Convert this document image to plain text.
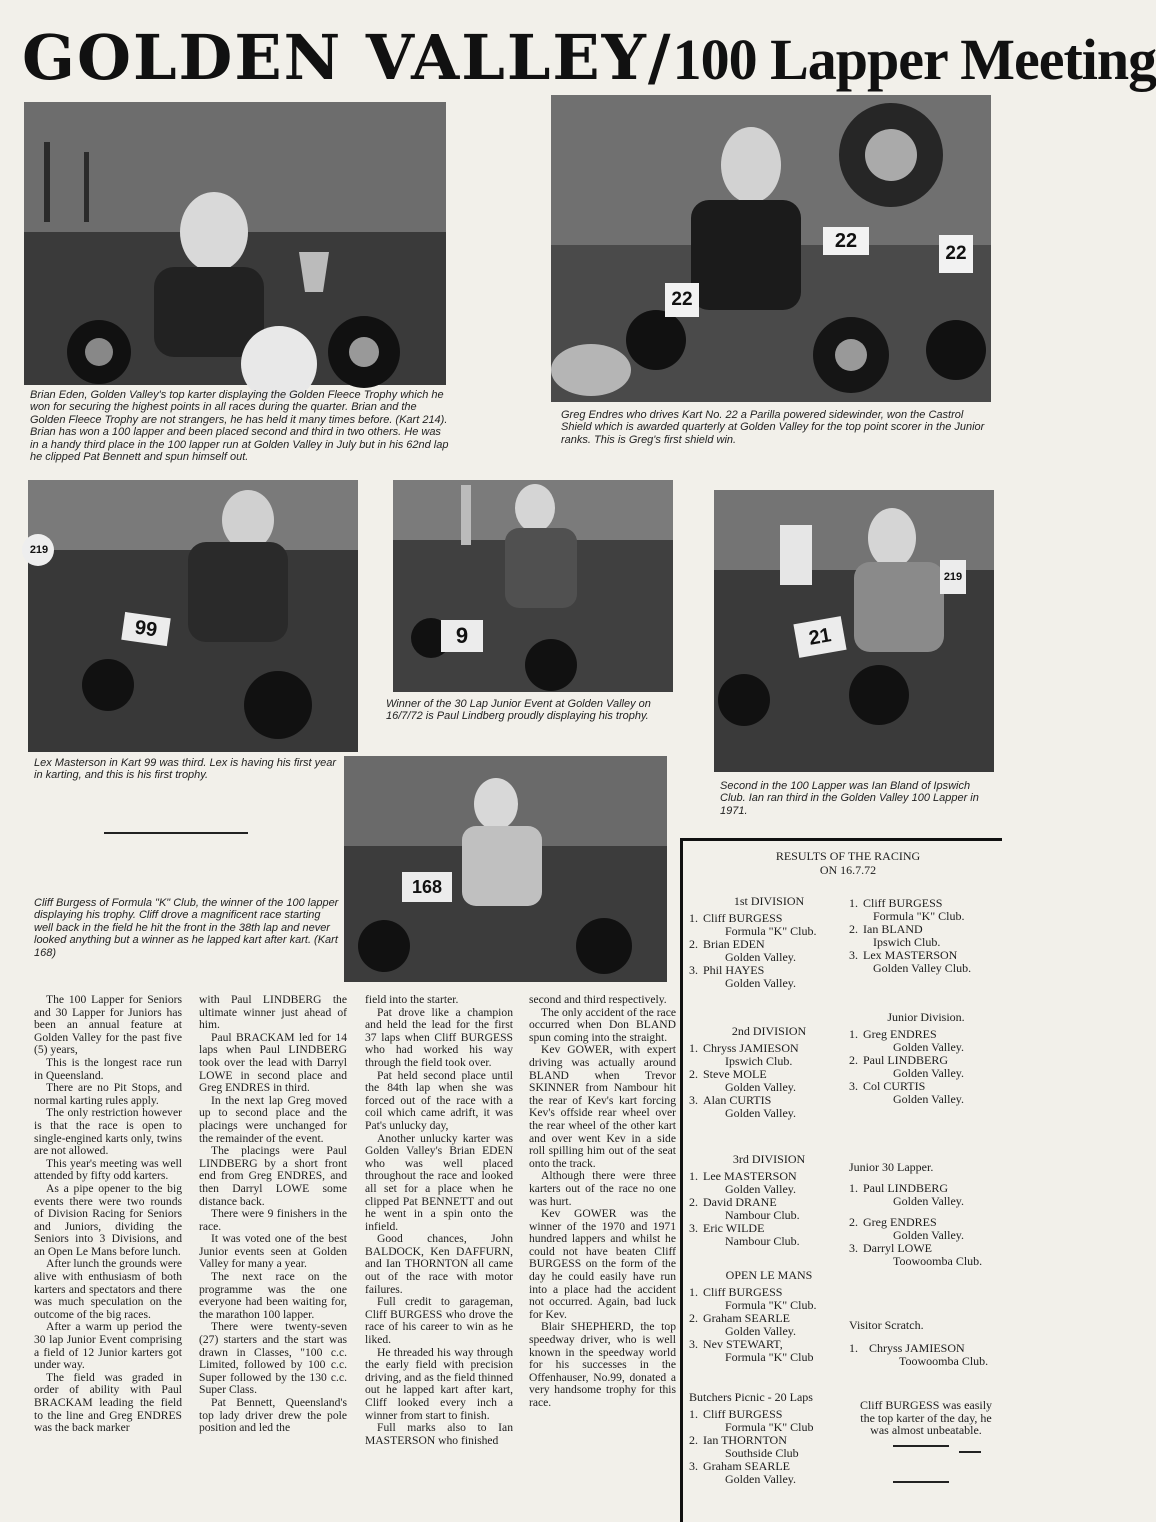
GOLDEN VALLEY/100 Lapper Meeting
Brian Eden, Golden Valley's top karter displaying the Golden Fleece Trophy which he won for securing the highest points in all races during the quarter. Brian and the Golden Fleece Trophy are not strangers, he has held it many times before. (Kart 214). Brian has won a 100 lapper and been placed second and third in two others. He was in a handy third place in the 100 lapper run at Golden Valley in July but in his 62nd lap he clipped Pat Bennett and spun himself out.
22
22
22
Greg Endres who drives Kart No. 22 a Parilla powered sidewinder, won the Castrol Shield which is awarded quarterly at Golden Valley for the top point scorer in the Junior ranks. This is Greg's first shield win.
99
219
Lex Masterson in Kart 99 was third. Lex is having his first year in karting, and this is his first trophy.
9
Winner of the 30 Lap Junior Event at Golden Valley on 16/7/72 is Paul Lindberg proudly displaying his trophy.
21
219
Second in the 100 Lapper was Ian Bland of Ipswich Club. Ian ran third in the Golden Valley 100 Lapper in 1971.
168
Cliff Burgess of Formula "K" Club, the winner of the 100 lapper displaying his trophy. Cliff drove a magnificent race starting well back in the field he hit the front in the 38th lap and never looked anything but a winner as he lapped kart after kart. (Kart 168)

The 100 Lapper for Seniors and 30 Lapper for Juniors has been an annual feature at Golden Valley for the past five (5) years,

This is the longest race run in Queensland.

There are no Pit Stops, and normal karting rules apply.

The only restriction however is that the race is open to single-engined karts only, twins are not allowed.

This year's meeting was well attended by fifty odd karters.

As a pipe opener to the big events there were two rounds of Division Racing for Seniors and Juniors, dividing the Seniors into 3 Divisions, and an Open Le Mans before lunch.

After lunch the grounds were alive with enthusiasm of both karters and spectators and there was much speculation on the outcome of the big races.

After a warm up period the 30 lap Junior Event comprising a field of 12 Junior karters got under way.

The field was graded in order of ability with Paul BRACKAM leading the field to the line and Greg ENDRES was the back marker

with Paul LINDBERG the ultimate winner just ahead of him.

Paul BRACKAM led for 14 laps when Paul LINDBERG took over the lead with Darryl LOWE in second place and Greg ENDRES in third.

In the next lap Greg moved up to second place and the placings were unchanged for the remainder of the event.

The placings were Paul LINDBERG by a short front end from Greg ENDRES, and then Darryl LOWE some distance back.

There were 9 finishers in the race.

It was voted one of the best Junior events seen at Golden Valley for many a year.

The next race on the programme was the one everyone had been waiting for, the marathon 100 lapper.

There were twenty-seven (27) starters and the start was drawn in Classes, "100 c.c. Limited, followed by 100 c.c. Super followed by the 130 c.c. Super Class.

Pat Bennett, Queensland's top lady driver drew the pole position and led the

field into the starter.

Pat drove like a champion and held the lead for the first 37 laps when Cliff BURGESS who had worked his way through the field took over.

Pat held second place until the 84th lap when she was forced out of the race with a coil which came adrift, it was Pat's unlucky day,

Another unlucky karter was Golden Valley's Brian EDEN who was well placed throughout the race and looked all set for a place when he clipped Pat BENNETT and out he went in a spin onto the infield.

Good chances, John BALDOCK, Ken DAFFURN, and Ian THORNTON all came out of the race with motor failures.

Full credit to garageman, Cliff BURGESS who drove the race of his career to win as he liked.

He threaded his way through the early field with precision driving, and as the field thinned out he lapped kart after kart, Cliff looked every inch a winner from start to finish.

Full marks also to Ian MASTERSON who finished

second and third respectively.

The only accident of the race occurred when Don BLAND spun coming into the straight.

Kev GOWER, with expert driving was actually around BLAND when Trevor SKINNER from Nambour hit the rear of Kev's kart forcing Kev's offside rear wheel over the rear wheel of the other kart and over went Kev in a side roll spilling him out of the seat onto the track.

Although there were three karters out of the race no one was hurt.

Kev GOWER was the winner of the 1970 and 1971 hundred lappers and whilst he could not have beaten Cliff BURGESS on the form of the day he could easily have run into a place had the accident not occurred. Again, bad luck for Kev.

Blair SHEPHERD, the top speedway driver, who is well known in the speedway world for his successes in the Offenhauser, No.99, donated a very handsome trophy for this race.

RESULTS OF THE RACING
ON 16.7.72
1st DIVISION
1. Cliff BURGESS
Formula "K" Club.
2. Brian EDEN
Golden Valley.
3. Phil HAYES
Golden Valley.
2nd DIVISION
1. Chryss JAMIESON
Ipswich Club.
2. Steve MOLE
Golden Valley.
3. Alan CURTIS
Golden Valley.
3rd DIVISION
1. Lee MASTERSON
Golden Valley.
2. David DRANE
Nambour Club.
3. Eric WILDE
Nambour Club.
OPEN LE MANS
1. Cliff BURGESS
Formula "K" Club.
2. Graham SEARLE
Golden Valley.
3. Nev STEWART,
Formula "K" Club
Butchers Picnic - 20 Laps
1. Cliff BURGESS
Formula "K" Club
2. Ian THORNTON
Southside Club
3. Graham SEARLE
Golden Valley.
1. Cliff BURGESS
Formula "K" Club.
2. Ian BLAND
Ipswich Club.
3. Lex MASTERSON
Golden Valley Club.
Junior Division.
1. Greg ENDRES
Golden Valley.
2. Paul LINDBERG
Golden Valley.
3. Col CURTIS
Golden Valley.
Junior 30 Lapper.
1. Paul LINDBERG
Golden Valley.
2. Greg ENDRES
Golden Valley.
3. Darryl LOWE
Toowoomba Club.
Visitor Scratch.
1. Chryss JAMIESON
Toowoomba Club.
Cliff BURGESS was easily the top karter of the day, he was almost unbeatable.
